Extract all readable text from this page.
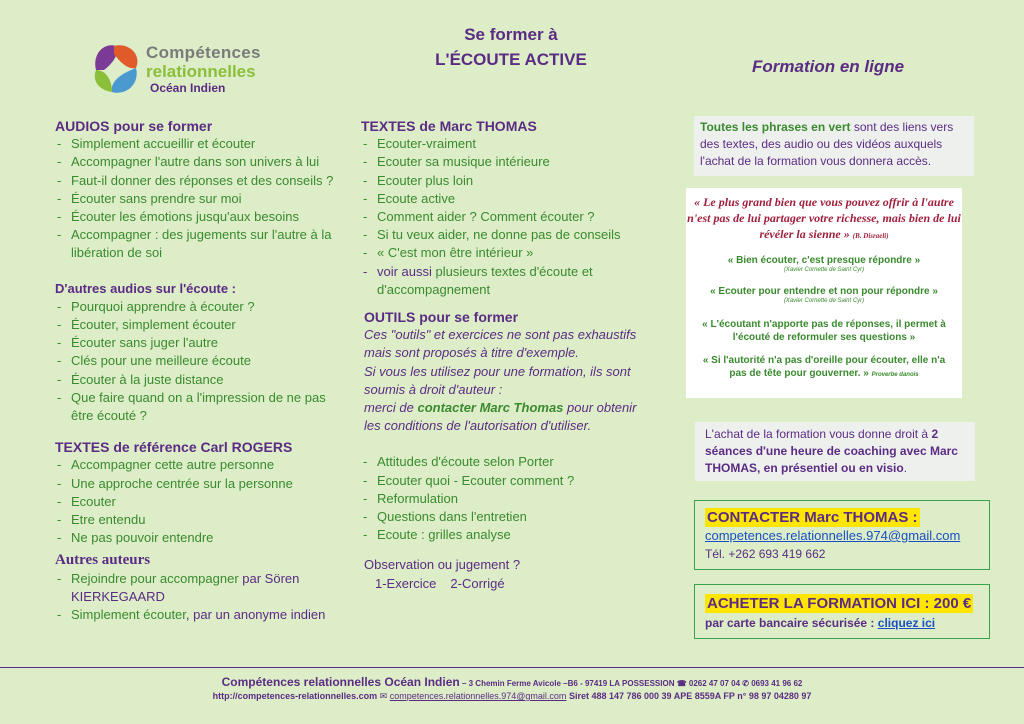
Compétences
relationnelles
Océan Indien
Se former à
L'ÉCOUTE ACTIVE	Formation en ligne

AUDIOS pour se former

- Simplement accueillir et écouter
- Accompagner l'autre dans son univers à lui
- Faut-il donner des réponses et des conseils ?
- Écouter sans prendre sur moi
- Écouter les émotions jusqu'aux besoins
- Accompagner : des jugements sur l'autre à la libération de soi

D'autres audios sur l'écoute :

- Pourquoi apprendre à écouter ?
- Écouter, simplement écouter
- Écouter sans juger l'autre
- Clés pour une meilleure écoute
- Écouter à la juste distance
- Que faire quand on a l'impression de ne pas être écouté ?

TEXTES de référence Carl ROGERS

- Accompagner cette autre personne
- Une approche centrée sur la personne
- Ecouter
- Etre entendu
- Ne pas pouvoir entendre

Autres auteurs

- Rejoindre pour accompagner par Sören KIERKEGAARD
- Simplement écouter, par un anonyme indien

TEXTES de Marc THOMAS

- Ecouter-vraiment
- Ecouter sa musique intérieure
- Ecouter plus loin
- Ecoute active
- Comment aider ? Comment écouter ?
- Si tu veux aider, ne donne pas de conseils
- « C'est mon être intérieur »
- voir aussi plusieurs textes d'écoute et d'accompagnement

OUTILS pour se former

Ces "outils" et exercices ne sont pas exhaustifs mais sont proposés à titre d'exemple.
Si vous les utilisez pour une formation, ils sont soumis à droit d'auteur :
merci de contacter Marc Thomas pour obtenir les conditions de l'autorisation d'utiliser.
- Attitudes d'écoute selon Porter
- Ecouter quoi - Ecouter comment ?
- Reformulation
- Questions dans l'entretien
- Ecoute : grilles analyse
Observation ou jugement ?
1-Exercice 2-Corrigé
Toutes les phrases en vert sont des liens vers des textes, des audio ou des vidéos auxquels l'achat de la formation vous donnera accès.
« Le plus grand bien que vous pouvez offrir à l'autre n'est pas de lui partager votre richesse, mais bien de lui révéler la sienne » (B. Disraeli)
« Bien écouter, c'est presque répondre »
(Xavier Cornette de Saint Cyr)
« Ecouter pour entendre et non pour répondre »
(Xavier Cornette de Saint Cyr)
« L'écoutant n'apporte pas de réponses, il permet à l'écouté de reformuler ses questions »
« Si l'autorité n'a pas d'oreille pour écouter, elle n'a pas de tête pour gouverner. » Proverbe danois
L'achat de la formation vous donne droit à 2 séances d'une heure de coaching avec Marc THOMAS, en présentiel ou en visio.
CONTACTER Marc THOMAS :
competences.relationnelles.974@gmail.com
Tél. +262 693 419 662
ACHETER LA FORMATION ICI : 200 €
par carte bancaire sécurisée : cliquez ici
Compétences relationnelles Océan Indien – 3 Chemin Ferme Avicole –B6 - 97419 LA POSSESSION ☎ 0262 47 07 04 ✆ 0693 41 96 62
http://competences-relationnelles.com ✉ competences.relationnelles.974@gmail.com Siret 488 147 786 000 39 APE 8559A FP n° 98 97 04280 97
